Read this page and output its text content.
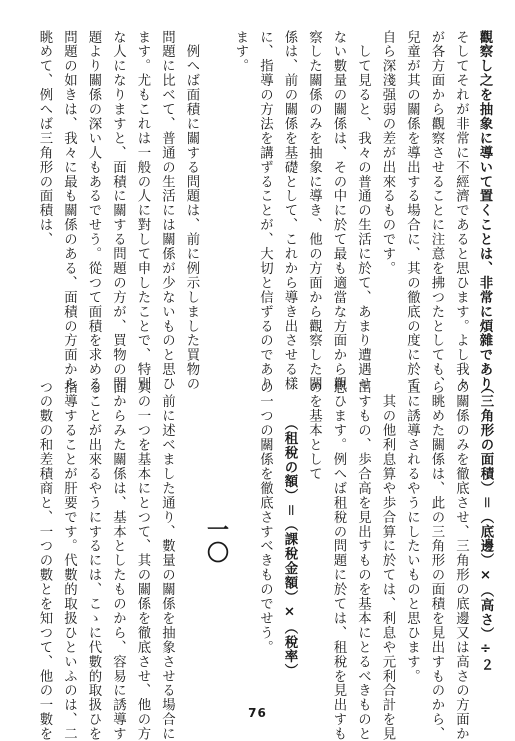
觀察し之を抽象に導いて置くことは、非常に煩雜であり
そしてそれが非常に不經濟であると思ひます。よし我々
が各方面から觀察させることに注意を拂つたとしても、
兒童が其の關係を導出する場合に、其の徹底の度に於て
自ら深淺强弱の差が出來るものです。
　して見ると、我々の普通の生活に於て、あまり遭遇せ
ない數量の關係は、その中に於て最も適當な方面から觀
察した關係のみを抽象に導き、他の方面から觀察した關
係は、前の關係を基礎として、これから導き出させる樣
に、指導の方法を講ずることが、大切と信ずるのであり
ます。

　例へば面積に關する問題は、前に例示しました買物の
問題に比べて、普通の生活には關係が少ないものと思ひ
ます。尤もこれは一般の人に對して申したことで、特別
な人になりますと、面積に關する問題の方が、買物の問
題より關係の深い人もあるでせう。從つて面積を求める
問題の如きは、我々に最も關係のある、面積の方面から
眺めて、例へば三角形の面積は、
（三角形の面積）＝（底邊）×（高さ）÷２
の關係のみを徹底させ、三角形の底邊又は高さの方面か
ら眺めた關係は、此の三角形の面積を見出すものから、
直に誘導されるやうにしたいものと思ひます。
　其の他利息算や歩合算に於ては、利息や元利合計を見
出すもの、歩合高を見出すものを基本にとるべきものと
思ひます。例へば租稅の問題に於ては、租稅を見出すも
のを基本として
　　　（租稅の額）＝（課稅金額）×（稅率）
の一つの關係を徹底さすべきものでせう。

　　　　　　一〇

　前に述べました通り、數量の關係を抽象させる場合に
其の一つを基本にとつて、其の關係を徹底させ、他の方
面からみた關係は、基本としたものから、容易に誘導す
ることが出來るやうにするには、こゝに代數的取扱ひを
指導することが肝要です。代數的取扱ひといふのは、二
つの數の和差積商と、一つの數とを知つて、他の一數を	76
